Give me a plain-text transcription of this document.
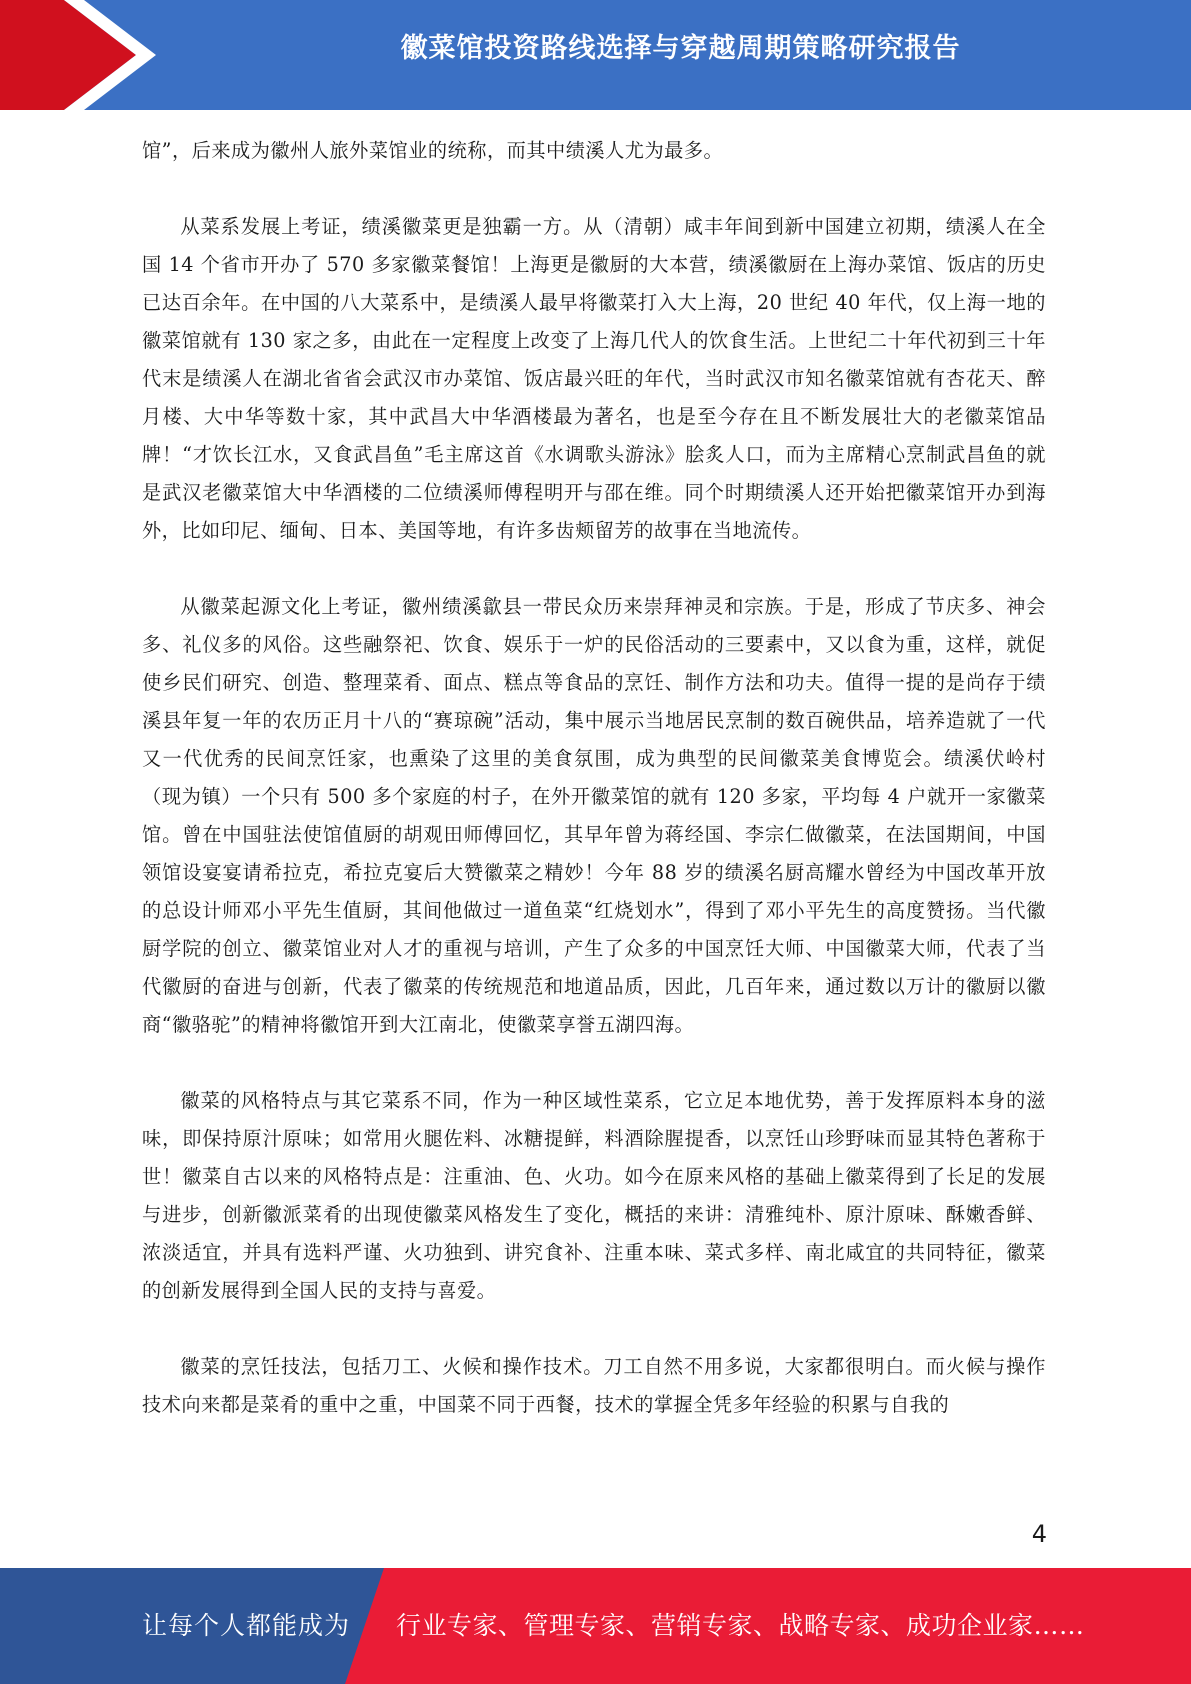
徽菜馆投资路线选择与穿越周期策略研究报告

馆”，后来成为徽州人旅外菜馆业的统称，而其中绩溪人尤为最多。

从菜系发展上考证，绩溪徽菜更是独霸一方。从（清朝）咸丰年间到新中国建立初期，绩溪人在全国 14 个省市开办了 570 多家徽菜餐馆！上海更是徽厨的大本营，绩溪徽厨在上海办菜馆、饭店的历史已达百余年。在中国的八大菜系中，是绩溪人最早将徽菜打入大上海，20 世纪 40 年代，仅上海一地的徽菜馆就有 130 家之多，由此在一定程度上改变了上海几代人的饮食生活。上世纪二十年代初到三十年代末是绩溪人在湖北省省会武汉市办菜馆、饭店最兴旺的年代，当时武汉市知名徽菜馆就有杏花天、醉月楼、大中华等数十家，其中武昌大中华酒楼最为著名，也是至今存在且不断发展壮大的老徽菜馆品牌！“才饮长江水，又食武昌鱼”毛主席这首《水调歌头游泳》脍炙人口，而为主席精心烹制武昌鱼的就是武汉老徽菜馆大中华酒楼的二位绩溪师傅程明开与邵在维。同个时期绩溪人还开始把徽菜馆开办到海外，比如印尼、缅甸、日本、美国等地，有许多齿颊留芳的故事在当地流传。

从徽菜起源文化上考证，徽州绩溪歙县一带民众历来崇拜神灵和宗族。于是，形成了节庆多、神会多、礼仪多的风俗。这些融祭祀、饮食、娱乐于一炉的民俗活动的三要素中，又以食为重，这样，就促使乡民们研究、创造、整理菜肴、面点、糕点等食品的烹饪、制作方法和功夫。值得一提的是尚存于绩溪县年复一年的农历正月十八的“赛琼碗”活动，集中展示当地居民烹制的数百碗供品，培养造就了一代又一代优秀的民间烹饪家，也熏染了这里的美食氛围，成为典型的民间徽菜美食博览会。绩溪伏岭村（现为镇）一个只有 500 多个家庭的村子，在外开徽菜馆的就有 120 多家，平均每 4 户就开一家徽菜馆。曾在中国驻法使馆值厨的胡观田师傅回忆，其早年曾为蒋经国、李宗仁做徽菜，在法国期间，中国领馆设宴宴请希拉克，希拉克宴后大赞徽菜之精妙！今年 88 岁的绩溪名厨高耀水曾经为中国改革开放的总设计师邓小平先生值厨，其间他做过一道鱼菜“红烧划水”，得到了邓小平先生的高度赞扬。当代徽厨学院的创立、徽菜馆业对人才的重视与培训，产生了众多的中国烹饪大师、中国徽菜大师，代表了当代徽厨的奋进与创新，代表了徽菜的传统规范和地道品质，因此，几百年来，通过数以万计的徽厨以徽商“徽骆驼”的精神将徽馆开到大江南北，使徽菜享誉五湖四海。

徽菜的风格特点与其它菜系不同，作为一种区域性菜系，它立足本地优势，善于发挥原料本身的滋味，即保持原汁原味；如常用火腿佐料、冰糖提鲜，料酒除腥提香，以烹饪山珍野味而显其特色著称于世！徽菜自古以来的风格特点是：注重油、色、火功。如今在原来风格的基础上徽菜得到了长足的发展与进步，创新徽派菜肴的出现使徽菜风格发生了变化，概括的来讲：清雅纯朴、原汁原味、酥嫩香鲜、浓淡适宜，并具有选料严谨、火功独到、讲究食补、注重本味、菜式多样、南北咸宜的共同特征，徽菜的创新发展得到全国人民的支持与喜爱。

徽菜的烹饪技法，包括刀工、火候和操作技术。刀工自然不用多说，大家都很明白。而火候与操作技术向来都是菜肴的重中之重，中国菜不同于西餐，技术的掌握全凭多年经验的积累与自我的

4
让每个人都能成为 行业专家、管理专家、营销专家、战略专家、成功企业家……
